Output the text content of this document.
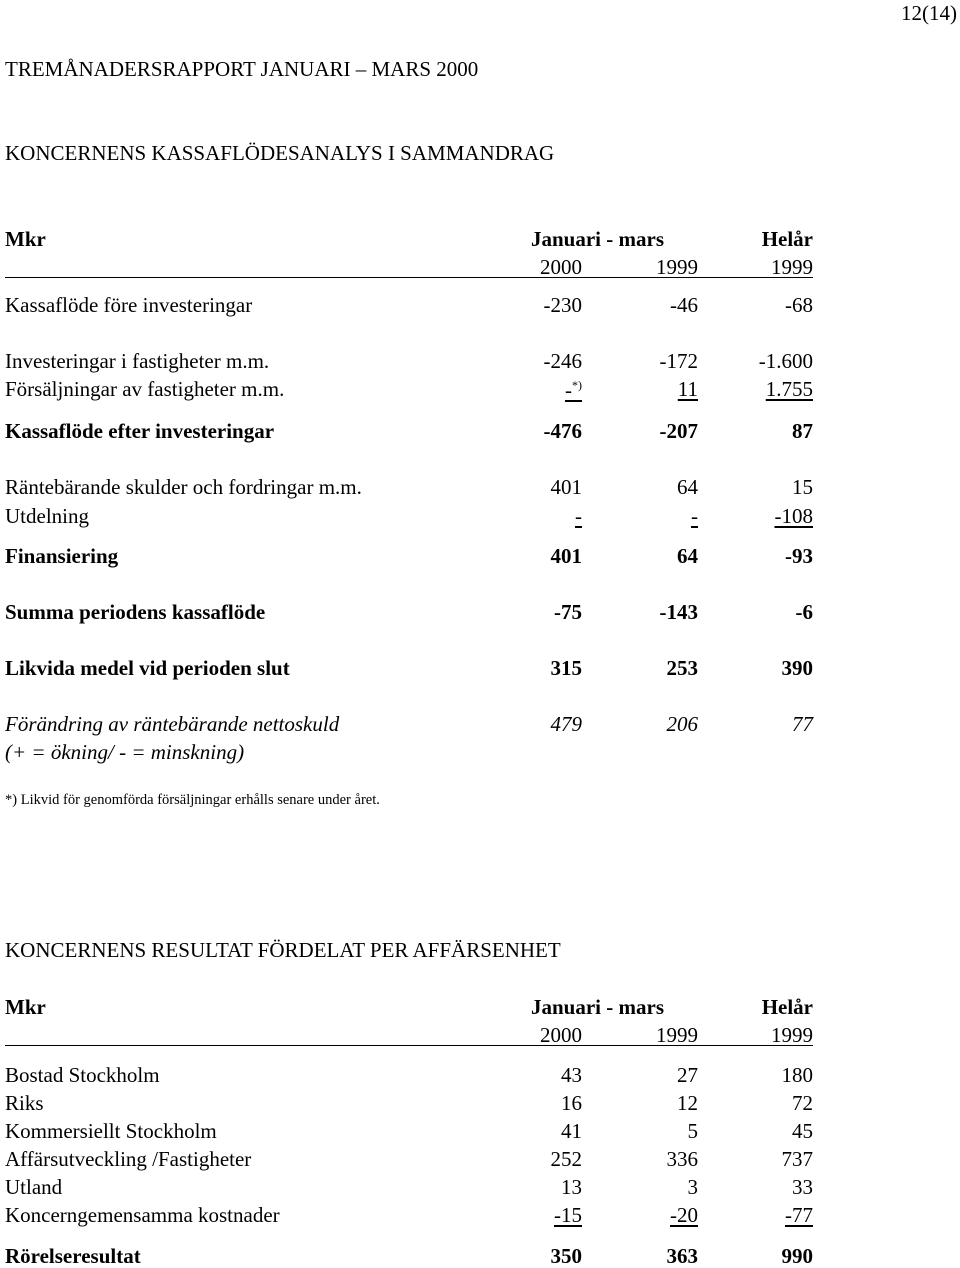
12(14)
TREMÅNADERSRAPPORT JANUARI – MARS 2000
KONCERNENS KASSAFLÖDESANALYS I SAMMANDRAG
Mkr	Januari - mars	Helår
2000	1999	1999
Kassaflöde före investeringar	-230	-46	-68
Investeringar i fastigheter m.m.	-246	-172	-1.600
Försäljningar av fastigheter m.m.	-*)	11	1.755
Kassaflöde efter investeringar	-476	-207	87
Räntebärande skulder och fordringar m.m.	401	64	15
Utdelning	-	-	-108
Finansiering	401	64	-93
Summa periodens kassaflöde	-75	-143	-6
Likvida medel vid perioden slut	315	253	390
Förändring av räntebärande nettoskuld	479	206	77
(+ = ökning/ - = minskning)
*) Likvid för genomförda försäljningar erhålls senare under året.
KONCERNENS RESULTAT FÖRDELAT PER AFFÄRSENHET
Mkr	Januari - mars	Helår
2000	1999	1999
Bostad Stockholm	43	27	180
Riks	16	12	72
Kommersiellt Stockholm	41	5	45
Affärsutveckling /Fastigheter	252	336	737
Utland	13	3	33
Koncerngemensamma kostnader	-15	-20	-77
Rörelseresultat	350	363	990
